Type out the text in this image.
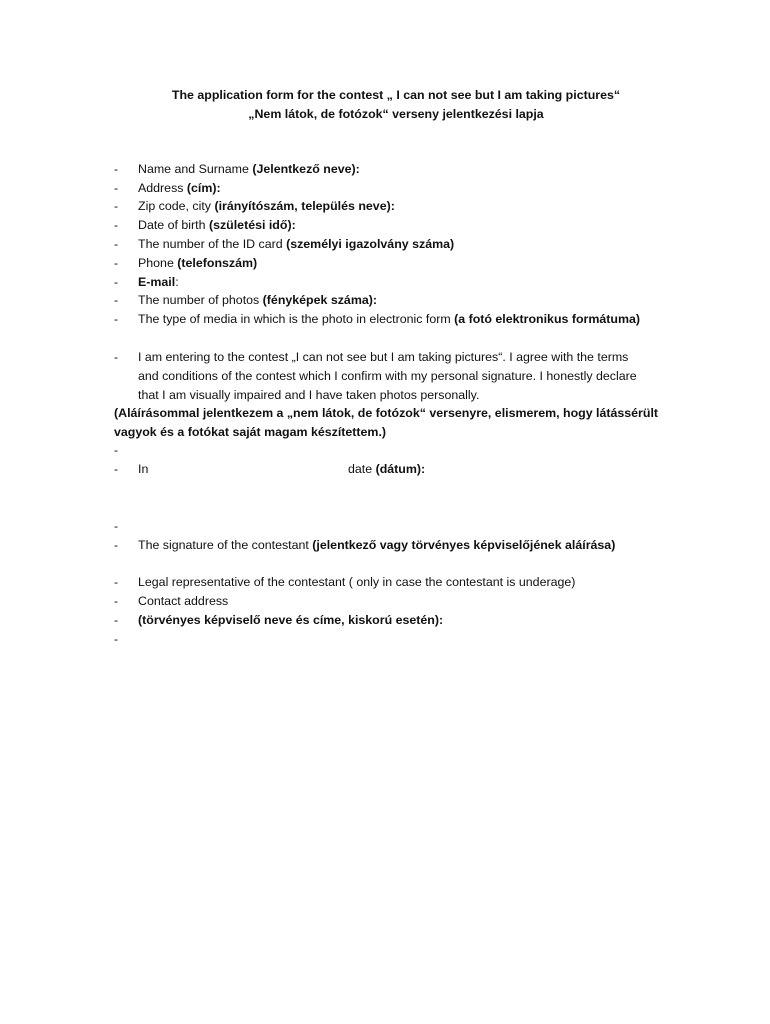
The application form for the contest „ I can not see but I am taking pictures“
„Nem látok, de fotózok“ verseny jelentkezési lapja
-	Name and Surname (Jelentkező neve):
-	Address (cím):
-	Zip code, city (irányítószám, település neve):
-	Date of birth (születési idő):
-	The number of the ID card (személyi igazolvány száma)
-	Phone (telefonszám)
-	E-mail:
-	The number of photos (fényképek száma):
-	The type of media in which is the photo in electronic form (a fotó elektronikus formátuma)
-	I am entering to the contest „I can not see but I am taking pictures“. I agree with the terms
and conditions of the contest which I confirm with my personal signature. I honestly declare
that I am visually impaired and I have taken photos personally.
(Aláírásommal jelentkezem a „nem látok, de fotózok“ versenyre, elismerem, hogy látássérült
vagyok és a fotókat saját magam készítettem.)
-
-	In	date (dátum):
-
-	The signature of the contestant (jelentkező vagy törvényes képviselőjének aláírása)
-	Legal representative of the contestant ( only in case the contestant is underage)
-	Contact address
-	(törvényes képviselő neve és címe, kiskorú esetén):
-
